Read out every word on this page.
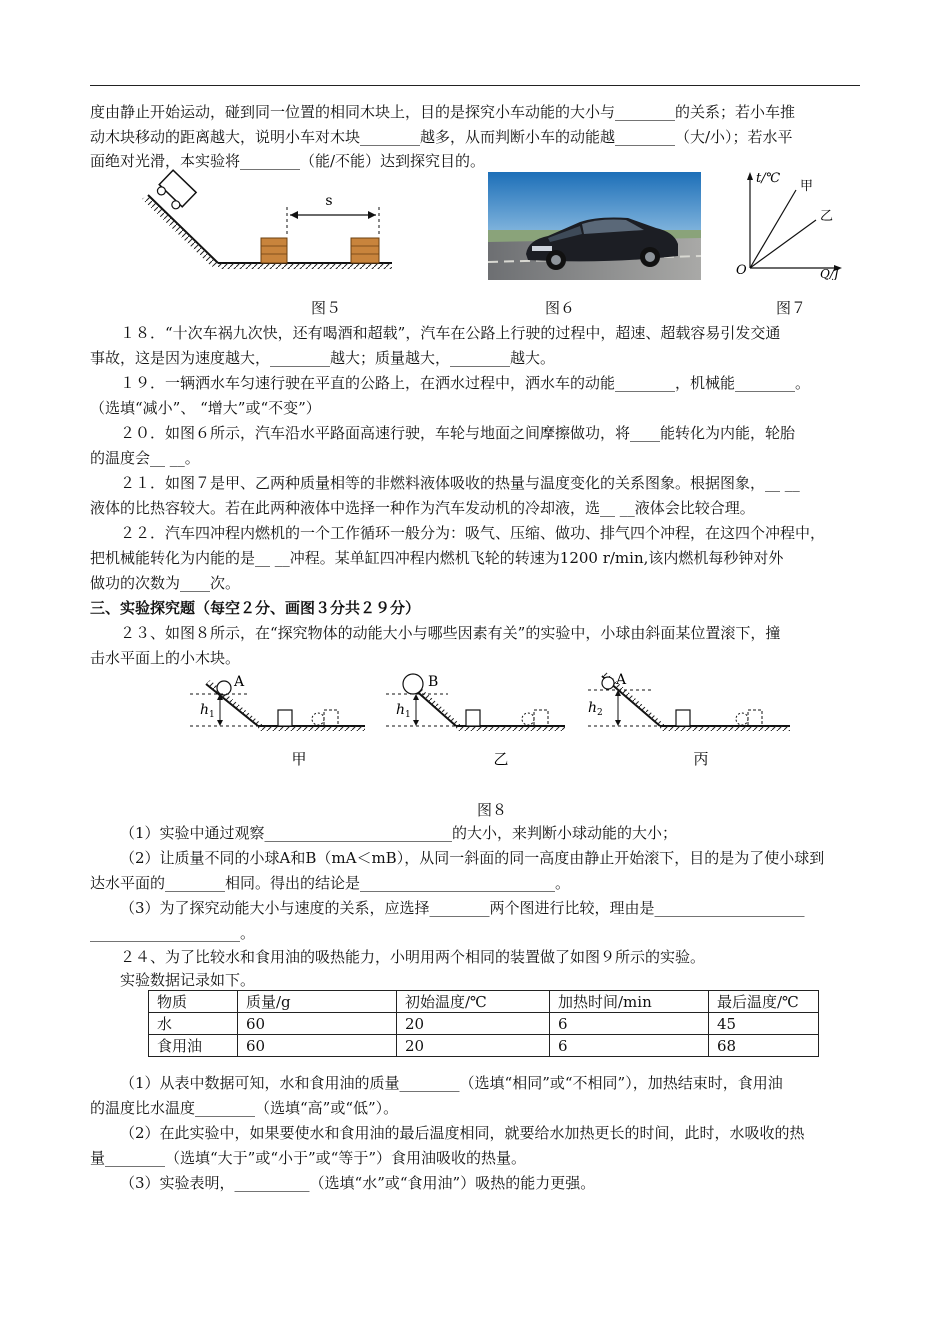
度由静止开始运动，碰到同一位置的相同木块上，目的是探究小车动能的大小与________的关系；若小车推
动木块移动的距离越大，说明小车对木块________越多，从而判断小车的动能越________（大/小）；若水平
面绝对光滑，本实验将________（能/不能）达到探究目的。
s
t/℃
甲
乙
O	Q/J
图５	图６	图７
１８．“十次车祸九次快，还有喝酒和超载”，汽车在公路上行驶的过程中，超速、超载容易引发交通
事故，这是因为速度越大，________越大；质量越大，________越大。
１９．一辆洒水车匀速行驶在平直的公路上，在洒水过程中，洒水车的动能________，机械能________。
（选填“减小”、 “增大”或“不变”）
２０．如图６所示，汽车沿水平路面高速行驶，车轮与地面之间摩擦做功，将____能转化为内能，轮胎
的温度会__ __。
２１．如图７是甲、乙两种质量相等的非燃料液体吸收的热量与温度变化的关系图象。根据图象，__ __
液体的比热容较大。若在此两种液体中选择一种作为汽车发动机的冷却液，选__ __液体会比较合理。
２２．汽车四冲程内燃机的一个工作循环一般分为：吸气、压缩、做功、排气四个冲程，在这四个冲程中，
把机械能转化为内能的是__ __冲程。某单缸四冲程内燃机飞轮的转速为1200 r/min,该内燃机每秒钟对外
做功的次数为____次。
三、实验探究题（每空２分、画图３分共２９分）
２３、如图８所示，在“探究物体的动能大小与哪些因素有关”的实验中，小球由斜面某位置滚下，撞
击水平面上的小木块。
A
h 1
B
h 1
A
h 2
甲	乙	丙
图８
（1）实验中通过观察_________________________的大小，来判断小球动能的大小；
（2）让质量不同的小球A和B（mA＜mB），从同一斜面的同一高度由静止开始滚下，目的是为了使小球到
达水平面的________相同。得出的结论是__________________________。
（3）为了探究动能大小与速度的关系，应选择________两个图进行比较，理由是____________________
____________________。
２４、为了比较水和食用油的吸热能力，小明用两个相同的装置做了如图９所示的实验。
实验数据记录如下。
物质	质量/g	初始温度/℃	加热时间/min	最后温度/℃
水	60	20	6	45
食用油	60	20	6	68
（1）从表中数据可知，水和食用油的质量________（选填“相同”或“不相同”），加热结束时，食用油
的温度比水温度________（选填“高”或“低”）。
（2）在此实验中，如果要使水和食用油的最后温度相同，就要给水加热更长的时间，此时，水吸收的热
量________（选填“大于”或“小于”或“等于”）食用油吸收的热量。
（3）实验表明，__________（选填“水”或“食用油”）吸热的能力更强。
